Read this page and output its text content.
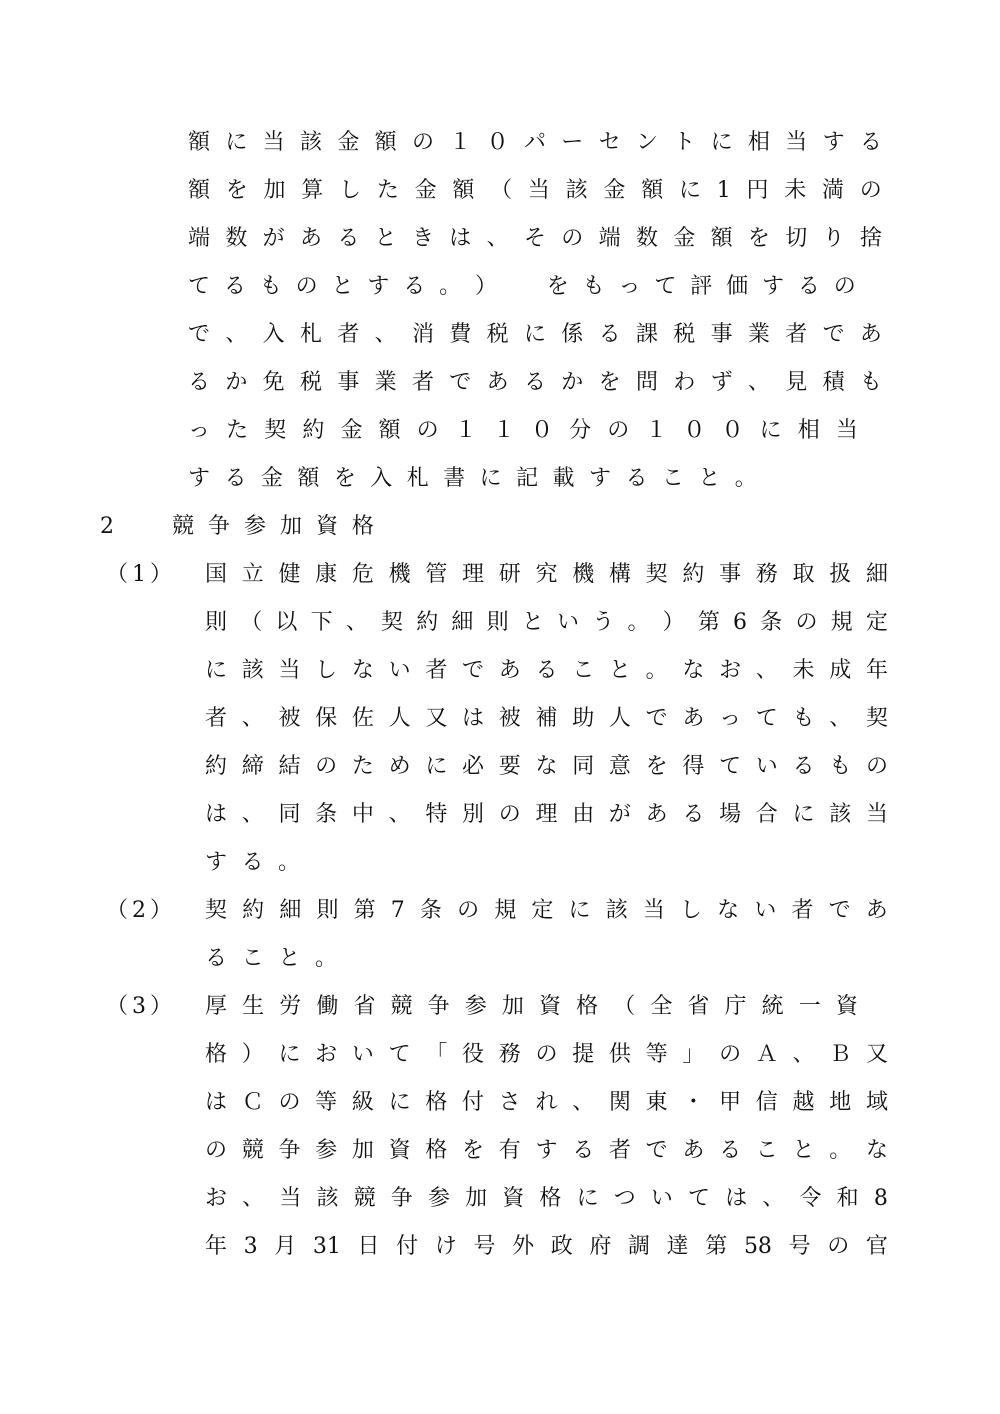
額 に 当 該 金 額 の １ ０ パ ー セ ン ト に 相 当 す る
額 を 加 算 し た 金 額 （ 当 該 金 額 に 1 円 未 満 の
端 数 が あ る と き は 、 そ の 端 数 金 額 を 切 り 捨
て る も の と す る 。 ）
　 を も っ て 評 価 す る の
で 、 入 札 者 、 消 費 税 に 係 る 課 税 事 業 者 で あ
る か 免 税 事 業 者 で あ る か を 問 わ ず 、 見 積 も
っ た 契 約 金 額 の １ １ ０ 分 の １ ０ ０ に 相 当
す る 金 額 を 入 札 書 に 記 載 す る こ と 。
2	競 争 参 加 資 格
（ 1 ） 国 立 健 康 危 機 管 理 研 究 機 構 契 約 事 務 取 扱 細
則 （ 以 下 、 契 約 細 則 と い う 。 ） 第 6 条 の 規 定
に 該 当 し な い 者 で あ る こ と 。 な お 、 未 成 年
者 、 被 保 佐 人 又 は 被 補 助 人 で あ っ て も 、 契
約 締 結 の た め に 必 要 な 同 意 を 得 て い る も の
は 、 同 条 中 、 特 別 の 理 由 が あ る 場 合 に 該 当
す る 。
（ 2 ） 契 約 細 則 第 7 条 の 規 定 に 該 当 し な い 者 で あ
る こ と 。
（ 3 ） 厚 生 労 働 省 競 争 参 加 資 格 （ 全 省 庁 統 一 資
格 ） に お い て 「 役 務 の 提 供 等 」 の Ａ 、 Ｂ 又
は Ｃ の 等 級 に 格 付 さ れ 、 関 東 ・ 甲 信 越 地 域
の 競 争 参 加 資 格 を 有 す る 者 で あ る こ と 。 な
お 、 当 該 競 争 参 加 資 格 に つ い て は 、 令 和 8
年 3 月 31 日 付 け 号 外 政 府 調 達 第 58 号 の 官
